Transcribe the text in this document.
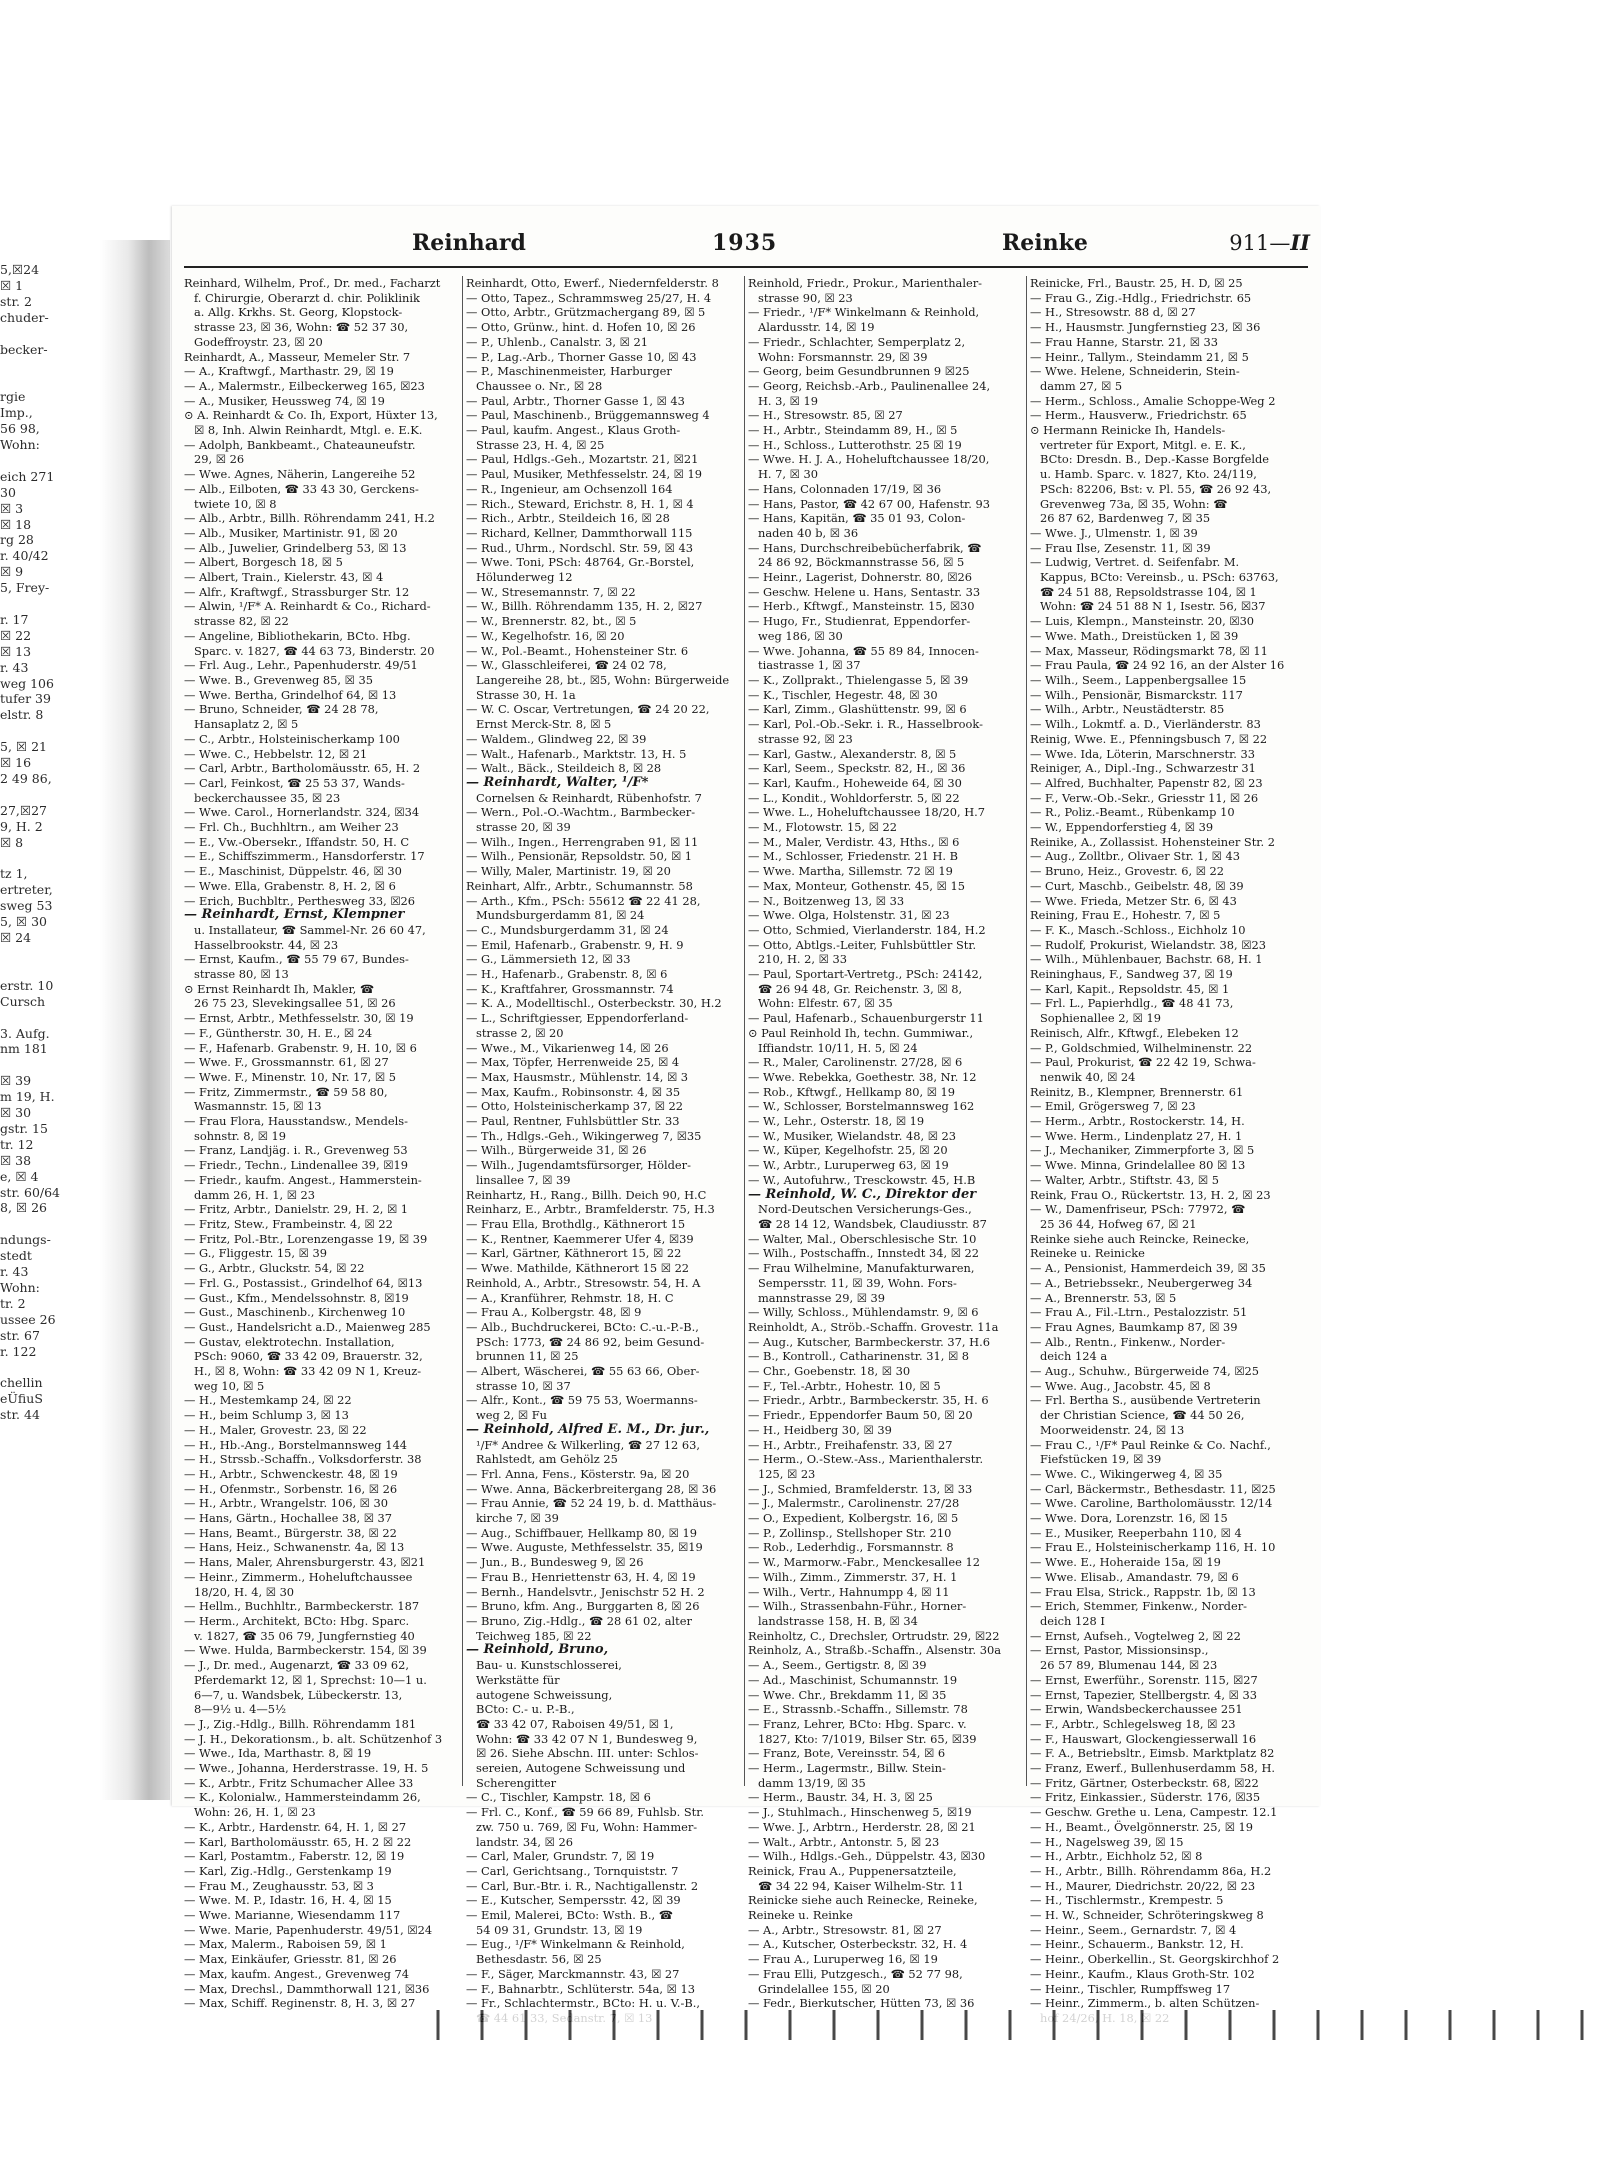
5,☒24
☒ 1
str. 2
chuder-

becker-

rgie
Imp.,
56 98,
Wohn:

eich 271
30
☒ 3
☒ 18
rg 28
r. 40/42
☒ 9
5, Frey-

r. 17
☒ 22
☒ 13
r. 43
weg 106
tufer 39
elstr. 8

5, ☒ 21
☒ 16
2 49 86,

27,☒27
9, H. 2
☒ 8

tz 1,
ertreter,
sweg 53
5, ☒ 30
☒ 24

erstr. 10
Cursch

3. Aufg.
nm 181

☒ 39
m 19, H.
☒ 30
gstr. 15
tr. 12
☒ 38
e, ☒ 4
str. 60/64
8, ☒ 26

ndungs-
stedt
r. 43
Wohn:
tr. 2
ussee 26
str. 67
r. 122

chellin
eÜfiuS
str. 44
Reinhard	1935	Reinke	911—II
Reinhard, Wilhelm, Prof., Dr. med., Facharzt
f. Chirurgie, Oberarzt d. chir. Poliklinik
a. Allg. Krkhs. St. Georg, Klopstock-
strasse 23, ☒ 36, Wohn: ☎ 52 37 30,
Godeffroystr. 23, ☒ 20
Reinhardt, A., Masseur, Memeler Str. 7
— A., Kraftwgf., Marthastr. 29, ☒ 19
— A., Malermstr., Eilbeckerweg 165, ☒23
— A., Musiker, Heussweg 74, ☒ 19
⊙ A. Reinhardt & Co. Ih, Export, Hüxter 13,
☒ 8, Inh. Alwin Reinhardt, Mtgl. e. E.K.
— Adolph, Bankbeamt., Chateauneufstr.
29, ☒ 26
— Wwe. Agnes, Näherin, Langereihe 52
— Alb., Eilboten, ☎ 33 43 30, Gerckens-
twiete 10, ☒ 8
— Alb., Arbtr., Billh. Röhrendamm 241, H.2
— Alb., Musiker, Martinistr. 91, ☒ 20
— Alb., Juwelier, Grindelberg 53, ☒ 13
— Albert, Borgesch 18, ☒ 5
— Albert, Train., Kielerstr. 43, ☒ 4
— Alfr., Kraftwgf., Strassburger Str. 12
— Alwin, ¹/F* A. Reinhardt & Co., Richard-
strasse 82, ☒ 22
— Angeline, Bibliothekarin, BCto. Hbg.
Sparc. v. 1827, ☎ 44 63 73, Binderstr. 20
— Frl. Aug., Lehr., Papenhuderstr. 49/51
— Wwe. B., Grevenweg 85, ☒ 35
— Wwe. Bertha, Grindelhof 64, ☒ 13
— Bruno, Schneider, ☎ 24 28 78,
Hansaplatz 2, ☒ 5
— C., Arbtr., Holsteinischerkamp 100
— Wwe. C., Hebbelstr. 12, ☒ 21
— Carl, Arbtr., Bartholomäusstr. 65, H. 2
— Carl, Feinkost, ☎ 25 53 37, Wands-
beckerchaussee 35, ☒ 23
— Wwe. Carol., Hornerlandstr. 324, ☒34
— Frl. Ch., Buchhltrn., am Weiher 23
— E., Vw.-Obersekr., Iffandstr. 50, H. C
— E., Schiffszimmerm., Hansdorferstr. 17
— E., Maschinist, Düppelstr. 46, ☒ 30
— Wwe. Ella, Grabenstr. 8, H. 2, ☒ 6
— Erich, Buchbltr., Perthesweg 33, ☒26
— Reinhardt, Ernst, Klempner
u. Installateur, ☎ Sammel-Nr. 26 60 47,
Hasselbrookstr. 44, ☒ 23
— Ernst, Kaufm., ☎ 55 79 67, Bundes-
strasse 80, ☒ 13
⊙ Ernst Reinhardt Ih, Makler, ☎
26 75 23, Slevekingsallee 51, ☒ 26
— Ernst, Arbtr., Methfesselstr. 30, ☒ 19
— F., Güntherstr. 30, H. E., ☒ 24
— F., Hafenarb. Grabenstr. 9, H. 10, ☒ 6
— Wwe. F., Grossmannstr. 61, ☒ 27
— Wwe. F., Minenstr. 10, Nr. 17, ☒ 5
— Fritz, Zimmermstr., ☎ 59 58 80,
Wasmannstr. 15, ☒ 13
— Frau Flora, Hausstandsw., Mendels-
sohnstr. 8, ☒ 19
— Franz, Landjäg. i. R., Grevenweg 53
— Friedr., Techn., Lindenallee 39, ☒19
— Friedr., kaufm. Angest., Hammerstein-
damm 26, H. 1, ☒ 23
— Fritz, Arbtr., Danielstr. 29, H. 2, ☒ 1
— Fritz, Stew., Frambeinstr. 4, ☒ 22
— Fritz, Pol.-Btr., Lorenzengasse 19, ☒ 39
— G., Fliggestr. 15, ☒ 39
— G., Arbtr., Gluckstr. 54, ☒ 22
— Frl. G., Postassist., Grindelhof 64, ☒13
— Gust., Kfm., Mendelssohnstr. 8, ☒19
— Gust., Maschinenb., Kirchenweg 10
— Gust., Handelsricht a.D., Maienweg 285
— Gustav, elektrotechn. Installation,
PSch: 9060, ☎ 33 42 09, Brauerstr. 32,
H., ☒ 8, Wohn: ☎ 33 42 09 N 1, Kreuz-
weg 10, ☒ 5
— H., Mestemkamp 24, ☒ 22
— H., beim Schlump 3, ☒ 13
— H., Maler, Grovestr. 23, ☒ 22
— H., Hb.-Ang., Borstelmannsweg 144
— H., Strssb.-Schaffn., Volksdorferstr. 38
— H., Arbtr., Schwenckestr. 48, ☒ 19
— H., Ofenmstr., Sorbenstr. 16, ☒ 26
— H., Arbtr., Wrangelstr. 106, ☒ 30
— Hans, Gärtn., Hochallee 38, ☒ 37
— Hans, Beamt., Bürgerstr. 38, ☒ 22
— Hans, Heiz., Schwanenstr. 4a, ☒ 13
— Hans, Maler, Ahrensburgerstr. 43, ☒21
— Heinr., Zimmerm., Hoheluftchaussee
18/20, H. 4, ☒ 30
— Hellm., Buchhltr., Barmbeckerstr. 187
— Herm., Architekt, BCto: Hbg. Sparc.
v. 1827, ☎ 35 06 79, Jungfernstieg 40
— Wwe. Hulda, Barmbeckerstr. 154, ☒ 39
— J., Dr. med., Augenarzt, ☎ 33 09 62,
Pferdemarkt 12, ☒ 1, Sprechst: 10—1 u.
6—7, u. Wandsbek, Lübeckerstr. 13,
8—9½ u. 4—5½
— J., Zig.-Hdlg., Billh. Röhrendamm 181
— J. H., Dekorationsm., b. alt. Schützenhof 3
— Wwe., Ida, Marthastr. 8, ☒ 19
— Wwe., Johanna, Herderstrasse. 19, H. 5
— K., Arbtr., Fritz Schumacher Allee 33
— K., Kolonialw., Hammersteindamm 26,
Wohn: 26, H. 1, ☒ 23
— K., Arbtr., Hardenstr. 64, H. 1, ☒ 27
— Karl, Bartholomäusstr. 65, H. 2 ☒ 22
— Karl, Postamtm., Faberstr. 12, ☒ 19
— Karl, Zig.-Hdlg., Gerstenkamp 19
— Frau M., Zeughausstr. 53, ☒ 3
— Wwe. M. P., Idastr. 16, H. 4, ☒ 15
— Wwe. Marianne, Wiesendamm 117
— Wwe. Marie, Papenhuderstr. 49/51, ☒24
— Max, Malerm., Raboisen 59, ☒ 1
— Max, Einkäufer, Griesstr. 81, ☒ 26
— Max, kaufm. Angest., Grevenweg 74
— Max, Drechsl., Dammthorwall 121, ☒36
— Max, Schiff. Reginenstr. 8, H. 3, ☒ 27
Reinhardt, Otto, Ewerf., Niedernfelderstr. 8
— Otto, Tapez., Schrammsweg 25/27, H. 4
— Otto, Arbtr., Grützmachergang 89, ☒ 5
— Otto, Grünw., hint. d. Hofen 10, ☒ 26
— P., Uhlenb., Canalstr. 3, ☒ 21
— P., Lag.-Arb., Thorner Gasse 10, ☒ 43
— P., Maschinenmeister, Harburger
Chaussee o. Nr., ☒ 28
— Paul, Arbtr., Thorner Gasse 1, ☒ 43
— Paul, Maschinenb., Brüggemannsweg 4
— Paul, kaufm. Angest., Klaus Groth-
Strasse 23, H. 4, ☒ 25
— Paul, Hdlgs.-Geh., Mozartstr. 21, ☒21
— Paul, Musiker, Methfesselstr. 24, ☒ 19
— R., Ingenieur, am Ochsenzoll 164
— Rich., Steward, Erichstr. 8, H. 1, ☒ 4
— Rich., Arbtr., Steildeich 16, ☒ 28
— Richard, Kellner, Dammthorwall 115
— Rud., Uhrm., Nordschl. Str. 59, ☒ 43
— Wwe. Toni, PSch: 48764, Gr.-Borstel,
Hölunderweg 12
— W., Stresemannstr. 7, ☒ 22
— W., Billh. Röhrendamm 135, H. 2, ☒27
— W., Brennerstr. 82, bt., ☒ 5
— W., Kegelhofstr. 16, ☒ 20
— W., Pol.-Beamt., Hohensteiner Str. 6
— W., Glasschleiferei, ☎ 24 02 78,
Langereihe 28, bt., ☒5, Wohn: Bürgerweide
Strasse 30, H. 1a
— W. C. Oscar, Vertretungen, ☎ 24 20 22,
Ernst Merck-Str. 8, ☒ 5
— Waldem., Glindweg 22, ☒ 39
— Walt., Hafenarb., Marktstr. 13, H. 5
— Walt., Bäck., Steildeich 8, ☒ 28
— Reinhardt, Walter, ¹/F*
Cornelsen & Reinhardt, Rübenhofstr. 7
— Wern., Pol.-O.-Wachtm., Barmbecker-
strasse 20, ☒ 39
— Wilh., Ingen., Herrengraben 91, ☒ 11
— Wilh., Pensionär, Repsoldstr. 50, ☒ 1
— Willy, Maler, Martinistr. 19, ☒ 20
Reinhart, Alfr., Arbtr., Schumannstr. 58
— Arth., Kfm., PSch: 55612 ☎ 22 41 28,
Mundsburgerdamm 81, ☒ 24
— C., Mundsburgerdamm 31, ☒ 24
— Emil, Hafenarb., Grabenstr. 9, H. 9
— G., Lämmersieth 12, ☒ 33
— H., Hafenarb., Grabenstr. 8, ☒ 6
— K., Kraftfahrer, Grossmannstr. 74
— K. A., Modelltischl., Osterbeckstr. 30, H.2
— L., Schriftgiesser, Eppendorferland-
strasse 2, ☒ 20
— Wwe., M., Vikarienweg 14, ☒ 26
— Max, Töpfer, Herrenweide 25, ☒ 4
— Max, Hausmstr., Mühlenstr. 14, ☒ 3
— Max, Kaufm., Robinsonstr. 4, ☒ 35
— Otto, Holsteinischerkamp 37, ☒ 22
— Paul, Rentner, Fuhlsbüttler Str. 33
— Th., Hdlgs.-Geh., Wikingerweg 7, ☒35
— Wilh., Bürgerweide 31, ☒ 26
— Wilh., Jugendamtsfürsorger, Hölder-
linsallee 7, ☒ 39
Reinhartz, H., Rang., Billh. Deich 90, H.C
Reinharz, E., Arbtr., Bramfelderstr. 75, H.3
— Frau Ella, Brothdlg., Käthnerort 15
— K., Rentner, Kaemmerer Ufer 4, ☒39
— Karl, Gärtner, Käthnerort 15, ☒ 22
— Wwe. Mathilde, Käthnerort 15 ☒ 22
Reinhold, A., Arbtr., Stresowstr. 54, H. A
— A., Kranführer, Rehmstr. 18, H. C
— Frau A., Kolbergstr. 48, ☒ 9
— Alb., Buchdruckerei, BCto: C.-u.-P.-B.,
PSch: 1773, ☎ 24 86 92, beim Gesund-
brunnen 11, ☒ 25
— Albert, Wäscherei, ☎ 55 63 66, Ober-
strasse 10, ☒ 37
— Alfr., Kont., ☎ 59 75 53, Woermanns-
weg 2, ☒ Fu
— Reinhold, Alfred E. M., Dr. jur.,
¹/F* Andree & Wilkerling, ☎ 27 12 63,
Rahlstedt, am Gehölz 25
— Frl. Anna, Fens., Kösterstr. 9a, ☒ 20
— Wwe. Anna, Bäckerbreitergang 28, ☒ 36
— Frau Annie, ☎ 52 24 19, b. d. Matthäus-
kirche 7, ☒ 39
— Aug., Schiffbauer, Hellkamp 80, ☒ 19
— Wwe. Auguste, Methfesselstr. 35, ☒19
— Jun., B., Bundesweg 9, ☒ 26
— Frau B., Henriettenstr 63, H. 4, ☒ 19
— Bernh., Handelsvtr., Jenischstr 52 H. 2
— Bruno, kfm. Ang., Burggarten 8, ☒ 26
— Bruno, Zig.-Hdlg., ☎ 28 61 02, alter
Teichweg 185, ☒ 22
— Reinhold, Bruno,
Bau- u. Kunstschlosserei,
Werkstätte für
autogene Schweissung,
BCto: C.- u. P.-B.,
☎ 33 42 07, Raboisen 49/51, ☒ 1,
Wohn: ☎ 33 42 07 N 1, Bundesweg 9,
☒ 26. Siehe Abschn. III. unter: Schlos-
sereien, Autogene Schweissung und
Scherengitter
— C., Tischler, Kampstr. 18, ☒ 6
— Frl. C., Konf., ☎ 59 66 89, Fuhlsb. Str.
zw. 750 u. 769, ☒ Fu, Wohn: Hammer-
landstr. 34, ☒ 26
— Carl, Maler, Grundstr. 7, ☒ 19
— Carl, Gerichtsang., Tornquiststr. 7
— Carl, Bur.-Btr. i. R., Nachtigallenstr. 2
— E., Kutscher, Sempersstr. 42, ☒ 39
— Emil, Malerei, BCto: Wsth. B., ☎
54 09 31, Grundstr. 13, ☒ 19
— Eug., ¹/F* Winkelmann & Reinhold,
Bethesdastr. 56, ☒ 25
— F., Säger, Marckmannstr. 43, ☒ 27
— F., Bahnarbtr., Schlüterstr. 54a, ☒ 13
— Fr., Schlachtermstr., BCto: H. u. V.-B.,
Reinhold, Friedr., Prokur., Marienthaler-
strasse 90, ☒ 23
— Friedr., ¹/F* Winkelmann & Reinhold,
Alardusstr. 14, ☒ 19
— Friedr., Schlachter, Semperplatz 2,
Wohn: Forsmannstr. 29, ☒ 39
— Georg, beim Gesundbrunnen 9 ☒25
— Georg, Reichsb.-Arb., Paulinenallee 24,
H. 3, ☒ 19
— H., Stresowstr. 85, ☒ 27
— H., Arbtr., Steindamm 89, H., ☒ 5
— H., Schloss., Lutterothstr. 25 ☒ 19
— Wwe. H. J. A., Hoheluftchaussee 18/20,
H. 7, ☒ 30
— Hans, Colonnaden 17/19, ☒ 36
— Hans, Pastor, ☎ 42 67 00, Hafenstr. 93
— Hans, Kapitän, ☎ 35 01 93, Colon-
naden 40 b, ☒ 36
— Hans, Durchschreibebücherfabrik, ☎
24 86 92, Böckmannstrasse 56, ☒ 5
— Heinr., Lagerist, Dohnerstr. 80, ☒26
— Geschw. Helene u. Hans, Sentastr. 33
— Herb., Kftwgf., Mansteinstr. 15, ☒30
— Hugo, Fr., Studienrat, Eppendorfer-
weg 186, ☒ 30
— Wwe. Johanna, ☎ 55 89 84, Innocen-
tiastrasse 1, ☒ 37
— K., Zollprakt., Thielengasse 5, ☒ 39
— K., Tischler, Hegestr. 48, ☒ 30
— Karl, Zimm., Glashüttenstr. 99, ☒ 6
— Karl, Pol.-Ob.-Sekr. i. R., Hasselbrook-
strasse 92, ☒ 23
— Karl, Gastw., Alexanderstr. 8, ☒ 5
— Karl, Seem., Speckstr. 82, H., ☒ 36
— Karl, Kaufm., Hoheweide 64, ☒ 30
— L., Kondit., Wohldorferstr. 5, ☒ 22
— Wwe. L., Hoheluftchaussee 18/20, H.7
— M., Flotowstr. 15, ☒ 22
— M., Maler, Verdistr. 43, Hths., ☒ 6
— M., Schlosser, Friedenstr. 21 H. B
— Wwe. Martha, Sillemstr. 72 ☒ 19
— Max, Monteur, Gothenstr. 45, ☒ 15
— N., Boitzenweg 13, ☒ 33
— Wwe. Olga, Holstenstr. 31, ☒ 23
— Otto, Schmied, Vierlanderstr. 184, H.2
— Otto, Abtlgs.-Leiter, Fuhlsbüttler Str.
210, H. 2, ☒ 33
— Paul, Sportart-Vertretg., PSch: 24142,
☎ 26 94 48, Gr. Reichenstr. 3, ☒ 8,
Wohn: Elfestr. 67, ☒ 35
— Paul, Hafenarb., Schauenburgerstr 11
⊙ Paul Reinhold Ih, techn. Gummiwar.,
Iffiandstr. 10/11, H. 5, ☒ 24
— R., Maler, Carolinenstr. 27/28, ☒ 6
— Wwe. Rebekka, Goethestr. 38, Nr. 12
— Rob., Kftwgf., Hellkamp 80, ☒ 19
— W., Schlosser, Borstelmannsweg 162
— W., Lehr., Osterstr. 18, ☒ 19
— W., Musiker, Wielandstr. 48, ☒ 23
— W., Küper, Kegelhofstr. 25, ☒ 20
— W., Arbtr., Luruperweg 63, ☒ 19
— W., Autofuhrw., Tresckowstr. 45, H.B
— Reinhold, W. C., Direktor der
Nord-Deutschen Versicherungs-Ges.,
☎ 28 14 12, Wandsbek, Claudiusstr. 87
— Walter, Mal., Oberschlesische Str. 10
— Wilh., Postschaffn., Innstedt 34, ☒ 22
— Frau Wilhelmine, Manufakturwaren,
Sempersstr. 11, ☒ 39, Wohn. Fors-
mannstrasse 29, ☒ 39
— Willy, Schloss., Mühlendamstr. 9, ☒ 6
Reinholdt, A., Ströb.-Schaffn. Grovestr. 11a
— Aug., Kutscher, Barmbeckerstr. 37, H.6
— B., Kontroll., Catharinenstr. 31, ☒ 8
— Chr., Goebenstr. 18, ☒ 30
— F., Tel.-Arbtr., Hohestr. 10, ☒ 5
— Friedr., Arbtr., Barmbeckerstr. 35, H. 6
— Friedr., Eppendorfer Baum 50, ☒ 20
— H., Heidberg 30, ☒ 39
— H., Arbtr., Freihafenstr. 33, ☒ 27
— Herm., O.-Stew.-Ass., Marienthalerstr.
125, ☒ 23
— J., Schmied, Bramfelderstr. 13, ☒ 33
— J., Malermstr., Carolinenstr. 27/28
— O., Expedient, Kolbergstr. 16, ☒ 5
— P., Zollinsp., Stellshoper Str. 210
— Rob., Lederhdig., Forsmannstr. 8
— W., Marmorw.-Fabr., Menckesallee 12
— Wilh., Zimm., Zimmerstr. 37, H. 1
— Wilh., Vertr., Hahnumpp 4, ☒ 11
— Wilh., Strassenbahn-Führ., Horner-
landstrasse 158, H. B, ☒ 34
Reinholtz, C., Drechsler, Ortrudstr. 29, ☒22
Reinholz, A., Straßb.-Schaffn., Alsenstr. 30a
— A., Seem., Gertigstr. 8, ☒ 39
— Ad., Maschinist, Schumannstr. 19
— Wwe. Chr., Brekdamm 11, ☒ 35
— E., Strassnb.-Schaffn., Sillemstr. 78
— Franz, Lehrer, BCto: Hbg. Sparc. v.
1827, Kto: 7/1019, Bilser Str. 65, ☒39
— Franz, Bote, Vereinsstr. 54, ☒ 6
— Herm., Lagermstr., Billw. Stein-
damm 13/19, ☒ 35
— Herm., Baustr. 34, H. 3, ☒ 25
— J., Stuhlmach., Hinschenweg 5, ☒19
— Wwe. J., Arbtrn., Herderstr. 28, ☒ 21
— Walt., Arbtr., Antonstr. 5, ☒ 23
— Wilh., Hdlgs.-Geh., Düppelstr. 43, ☒30
Reinick, Frau A., Puppenersatzteile,
☎ 34 22 94, Kaiser Wilhelm-Str. 11
Reinicke siehe auch Reinecke, Reineke,
Reineke u. Reinke
— A., Arbtr., Stresowstr. 81, ☒ 27
— A., Kutscher, Osterbeckstr. 32, H. 4
— Frau A., Luruperweg 16, ☒ 19
— Frau Elli, Putzgesch., ☎ 52 77 98,
Grindelallee 155, ☒ 20
— Fedr., Bierkutscher, Hütten 73, ☒ 36
Reinicke, Frl., Baustr. 25, H. D, ☒ 25
— Frau G., Zig.-Hdlg., Friedrichstr. 65
— H., Stresowstr. 88 d, ☒ 27
— H., Hausmstr. Jungfernstieg 23, ☒ 36
— Frau Hanne, Starstr. 21, ☒ 33
— Heinr., Tallym., Steindamm 21, ☒ 5
— Wwe. Helene, Schneiderin, Stein-
damm 27, ☒ 5
— Herm., Schloss., Amalie Schoppe-Weg 2
— Herm., Hausverw., Friedrichstr. 65
⊙ Hermann Reinicke Ih, Handels-
vertreter für Export, Mitgl. e. E. K.,
BCto: Dresdn. B., Dep.-Kasse Borgfelde
u. Hamb. Sparc. v. 1827, Kto. 24/119,
PSch: 82206, Bst: v. Pl. 55, ☎ 26 92 43,
Grevenweg 73a, ☒ 35, Wohn: ☎
26 87 62, Bardenweg 7, ☒ 35
— Wwe. J., Ulmenstr. 1, ☒ 39
— Frau Ilse, Zesenstr. 11, ☒ 39
— Ludwig, Vertret. d. Seifenfabr. M.
Kappus, BCto: Vereinsb., u. PSch: 63763,
☎ 24 51 88, Repsoldstrasse 104, ☒ 1
Wohn: ☎ 24 51 88 N 1, Isestr. 56, ☒37
— Luis, Klempn., Mansteinstr. 20, ☒30
— Wwe. Math., Dreistücken 1, ☒ 39
— Max, Masseur, Rödingsmarkt 78, ☒ 11
— Frau Paula, ☎ 24 92 16, an der Alster 16
— Wilh., Seem., Lappenbergsallee 15
— Wilh., Pensionär, Bismarckstr. 117
— Wilh., Arbtr., Neustädterstr. 85
— Wilh., Lokmtf. a. D., Vierländerstr. 83
Reinig, Wwe. E., Pfenningsbusch 7, ☒ 22
— Wwe. Ida, Löterin, Marschnerstr. 33
Reiniger, A., Dipl.-Ing., Schwarzestr 31
— Alfred, Buchhalter, Papenstr 82, ☒ 23
— F., Verw.-Ob.-Sekr., Griesstr 11, ☒ 26
— R., Poliz.-Beamt., Rübenkamp 10
— W., Eppendorferstieg 4, ☒ 39
Reinike, A., Zollassist. Hohensteiner Str. 2
— Aug., Zolltbr., Olivaer Str. 1, ☒ 43
— Bruno, Heiz., Grovestr. 6, ☒ 22
— Curt, Maschb., Geibelstr. 48, ☒ 39
— Wwe. Frieda, Metzer Str. 6, ☒ 43
Reining, Frau E., Hohestr. 7, ☒ 5
— F. K., Masch.-Schloss., Eichholz 10
— Rudolf, Prokurist, Wielandstr. 38, ☒23
— Wilh., Mühlenbauer, Bachstr. 68, H. 1
Reininghaus, F., Sandweg 37, ☒ 19
— Karl, Kapit., Repsoldstr. 45, ☒ 1
— Frl. L., Papierhdlg., ☎ 48 41 73,
Sophienallee 2, ☒ 19
Reinisch, Alfr., Kftwgf., Elebeken 12
— P., Goldschmied, Wilhelminenstr. 22
— Paul, Prokurist, ☎ 22 42 19, Schwa-
nenwik 40, ☒ 24
Reinitz, B., Klempner, Brennerstr. 61
— Emil, Grögersweg 7, ☒ 23
— Herm., Arbtr., Rostockerstr. 14, H.
— Wwe. Herm., Lindenplatz 27, H. 1
— J., Mechaniker, Zimmerpforte 3, ☒ 5
— Wwe. Minna, Grindelallee 80 ☒ 13
— Walter, Arbtr., Stiftstr. 43, ☒ 5
Reink, Frau O., Rückertstr. 13, H. 2, ☒ 23
— W., Damenfriseur, PSch: 77972, ☎
25 36 44, Hofweg 67, ☒ 21
Reinke siehe auch Reincke, Reinecke,
Reineke u. Reinicke
— A., Pensionist, Hammerdeich 39, ☒ 35
— A., Betriebssekr., Neubergerweg 34
— A., Brennerstr. 53, ☒ 5
— Frau A., Fil.-Ltrn., Pestalozzistr. 51
— Frau Agnes, Baumkamp 87, ☒ 39
— Alb., Rentn., Finkenw., Norder-
deich 124 a
— Aug., Schuhw., Bürgerweide 74, ☒25
— Wwe. Aug., Jacobstr. 45, ☒ 8
— Frl. Bertha S., ausübende Vertreterin
der Christian Science, ☎ 44 50 26,
Moorweidenstr. 24, ☒ 13
— Frau C., ¹/F* Paul Reinke & Co. Nachf.,
Fiefstücken 19, ☒ 39
— Wwe. C., Wikingerweg 4, ☒ 35
— Carl, Bäckermstr., Bethesdastr. 11, ☒25
— Wwe. Caroline, Bartholomäusstr. 12/14
— Wwe. Dora, Lorenzstr. 16, ☒ 15
— E., Musiker, Reeperbahn 110, ☒ 4
— Frau E., Holsteinischerkamp 116, H. 10
— Wwe. E., Hoheraide 15a, ☒ 19
— Wwe. Elisab., Amandastr. 79, ☒ 6
— Frau Elsa, Strick., Rappstr. 1b, ☒ 13
— Erich, Stemmer, Finkenw., Norder-
deich 128 I
— Ernst, Aufseh., Vogtelweg 2, ☒ 22
— Ernst, Pastor, Missionsinsp.,
26 57 89, Blumenau 144, ☒ 23
— Ernst, Ewerführ., Sorenstr. 115, ☒27
— Ernst, Tapezier, Stellbergstr. 4, ☒ 33
— Erwin, Wandsbeckerchaussee 251
— F., Arbtr., Schlegelsweg 18, ☒ 23
— F., Hauswart, Glockengiesserwall 16
— F. A., Betriebsltr., Eimsb. Marktplatz 82
— Franz, Ewerf., Bullenhuserdamm 58, H.
— Fritz, Gärtner, Osterbeckstr. 68, ☒22
— Fritz, Einkassier., Süderstr. 176, ☒35
— Geschw. Grethe u. Lena, Campestr. 12.1
— H., Beamt., Övelgönnerstr. 25, ☒ 19
— H., Nagelsweg 39, ☒ 15
— H., Arbtr., Eichholz 52, ☒ 8
— H., Arbtr., Billh. Röhrendamm 86a, H.2
— H., Maurer, Diedrichstr. 20/22, ☒ 23
— H., Tischlermstr., Krempestr. 5
— H. W., Schneider, Schröteringskweg 8
— Heinr., Seem., Gernardstr. 7, ☒ 4
— Heinr., Schauerm., Bankstr. 12, H.
— Heinr., Oberkellin., St. Georgskirchhof 2
— Heinr., Kaufm., Klaus Groth-Str. 102
— Heinr., Tischler, Rumpffsweg 17
— Heinr., Zimmerm., b. alten Schützen-
